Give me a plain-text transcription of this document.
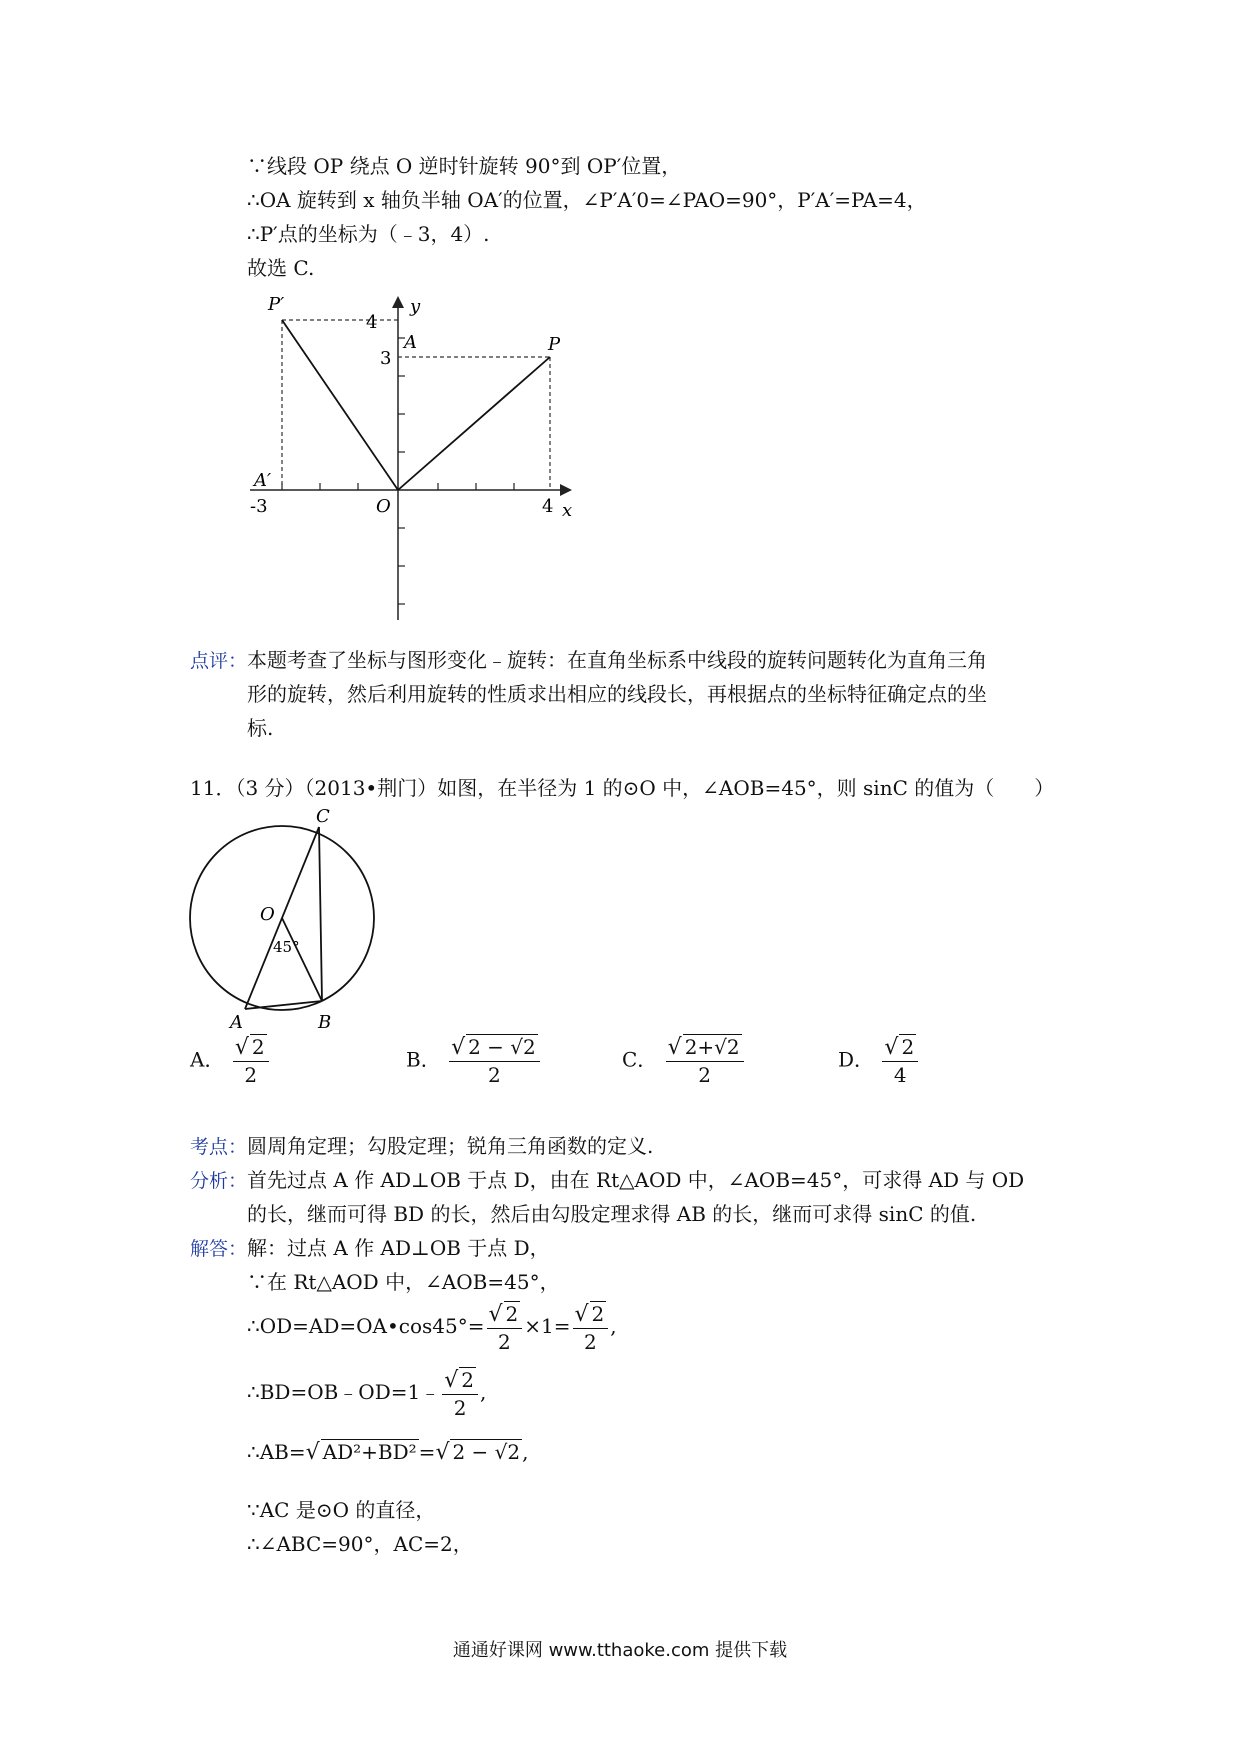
∵线段 OP 绕点 O 逆时针旋转 90°到 OP′位置，
∴OA 旋转到 x 轴负半轴 OA′的位置，∠P′A′0=∠PAO=90°，P′A′=PA=4，
∴P′点的坐标为（﹣3，4）.
故选 C.
P′
P
4
3
A
y
A′
-3	O	4 x
点评：本题考查了坐标与图形变化﹣旋转：在直角坐标系中线段的旋转问题转化为直角三角
形的旋转，然后利用旋转的性质求出相应的线段长，再根据点的坐标特征确定点的坐
标.
11．（3 分）（2013•荆门）如图，在半径为 1 的⊙O 中，∠AOB=45°，则 sinC 的值为（　　）
C
O
45°
A	B
A． $\frac{√ 2}{2}$	B． $\frac{√ 2 - √2}{2}$	C． $\frac{√ 2+√2}{2}$	D． $\frac{√ 2}{4}$
考点：圆周角定理；勾股定理；锐角三角函数的定义.
分析：首先过点 A 作 AD⊥OB 于点 D，由在 Rt△AOD 中，∠AOB=45°，可求得 AD 与 OD
的长，继而可得 BD 的长，然后由勾股定理求得 AB 的长，继而可求得 sinC 的值.
解答：解：过点 A 作 AD⊥OB 于点 D，
∵在 Rt△AOD 中，∠AOB=45°，
∴OD=AD=OA•cos45°= $\frac{√ 2}{2} \times 1= \frac{√ 2}{2}$ ,
∴BD=OB﹣OD=1﹣ $\frac{√ 2}{2}$ ,
∴AB=√ AD²+BD² =√ 2 − √2 ,
∵AC 是⊙O 的直径，
∴∠ABC=90°，AC=2，
通通好课网 www.tthaoke.com 提供下载
